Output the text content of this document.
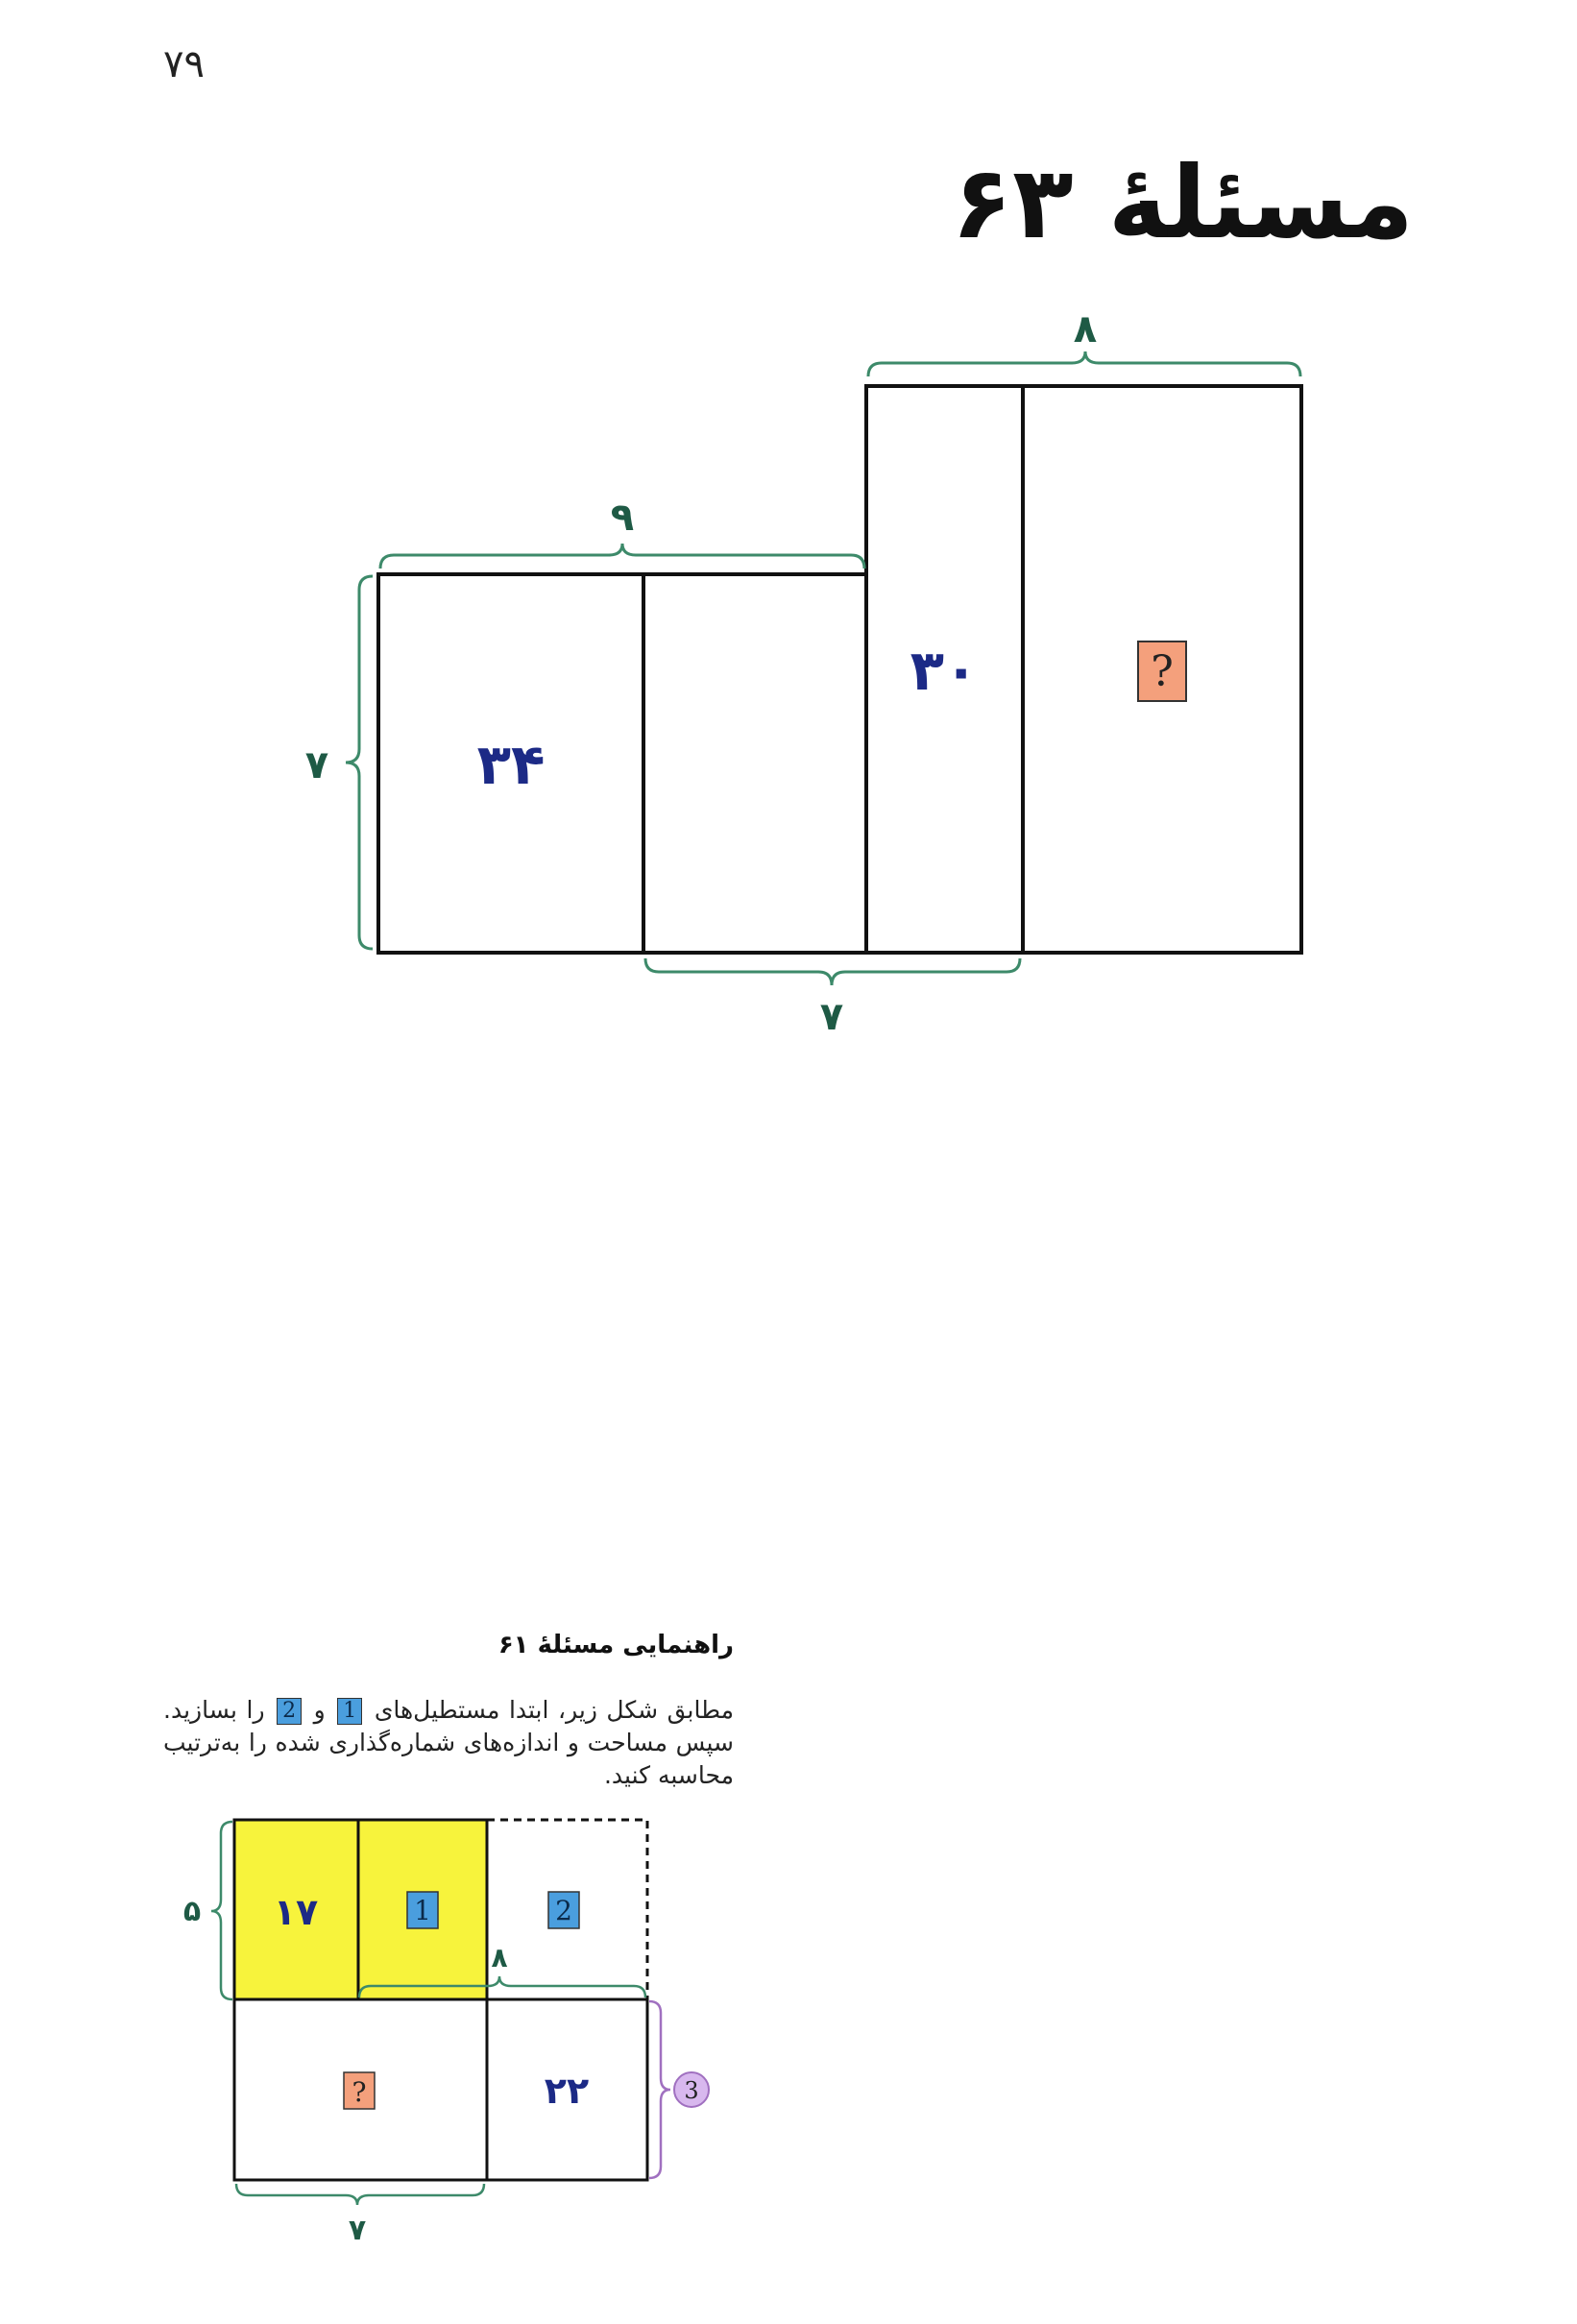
۷۹
مسئلهٔ ۶۳
۸
۹
۷
۷
۳۴
۳۰	?
۵
۸
3
۷
۱۷	1	2
?	۲۲
راهنمایی مسئلهٔ ۶۱

مطابق شکل زیر، ابتدا مستطیل‌های 1 و 2 را بسازید. سپس مساحت و اندازه‌های شماره‌گذاری شده را به‌ترتیب محاسبه کنید.
